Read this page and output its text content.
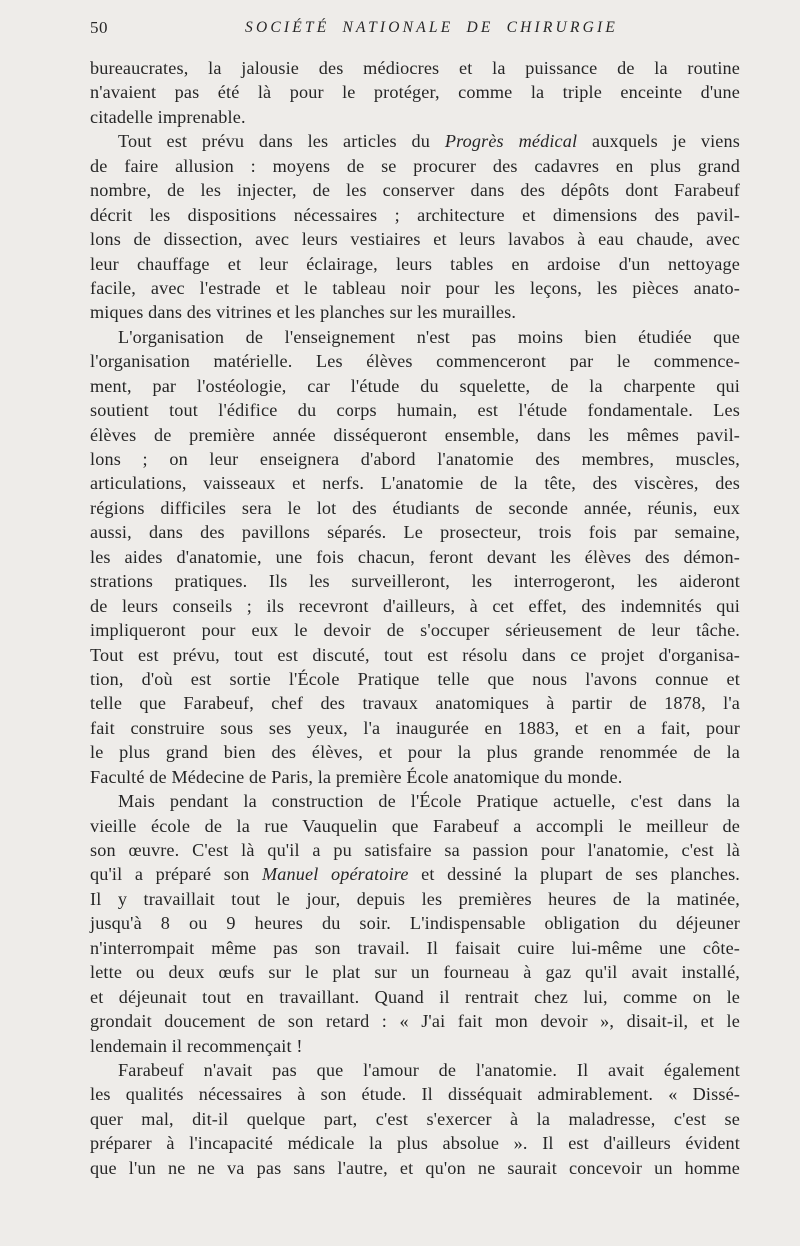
50	SOCIÉTÉ NATIONALE DE CHIRURGIE
bureaucrates, la jalousie des médiocres et la puissance de la routine
n'avaient pas été là pour le protéger, comme la triple enceinte d'une
citadelle imprenable.
Tout est prévu dans les articles du Progrès médical auxquels je viens
de faire allusion : moyens de se procurer des cadavres en plus grand
nombre, de les injecter, de les conserver dans des dépôts dont Farabeuf
décrit les dispositions nécessaires ; architecture et dimensions des pavil-
lons de dissection, avec leurs vestiaires et leurs lavabos à eau chaude, avec
leur chauffage et leur éclairage, leurs tables en ardoise d'un nettoyage
facile, avec l'estrade et le tableau noir pour les leçons, les pièces anato-
miques dans des vitrines et les planches sur les murailles.
L'organisation de l'enseignement n'est pas moins bien étudiée que
l'organisation matérielle. Les élèves commenceront par le commence-
ment, par l'ostéologie, car l'étude du squelette, de la charpente qui
soutient tout l'édifice du corps humain, est l'étude fondamentale. Les
élèves de première année disséqueront ensemble, dans les mêmes pavil-
lons ; on leur enseignera d'abord l'anatomie des membres, muscles,
articulations, vaisseaux et nerfs. L'anatomie de la tête, des viscères, des
régions difficiles sera le lot des étudiants de seconde année, réunis, eux
aussi, dans des pavillons séparés. Le prosecteur, trois fois par semaine,
les aides d'anatomie, une fois chacun, feront devant les élèves des démon-
strations pratiques. Ils les surveilleront, les interrogeront, les aideront
de leurs conseils ; ils recevront d'ailleurs, à cet effet, des indemnités qui
impliqueront pour eux le devoir de s'occuper sérieusement de leur tâche.
Tout est prévu, tout est discuté, tout est résolu dans ce projet d'organisa-
tion, d'où est sortie l'École Pratique telle que nous l'avons connue et
telle que Farabeuf, chef des travaux anatomiques à partir de 1878, l'a
fait construire sous ses yeux, l'a inaugurée en 1883, et en a fait, pour
le plus grand bien des élèves, et pour la plus grande renommée de la
Faculté de Médecine de Paris, la première École anatomique du monde.
Mais pendant la construction de l'École Pratique actuelle, c'est dans la
vieille école de la rue Vauquelin que Farabeuf a accompli le meilleur de
son œuvre. C'est là qu'il a pu satisfaire sa passion pour l'anatomie, c'est là
qu'il a préparé son Manuel opératoire et dessiné la plupart de ses planches.
Il y travaillait tout le jour, depuis les premières heures de la matinée,
jusqu'à 8 ou 9 heures du soir. L'indispensable obligation du déjeuner
n'interrompait même pas son travail. Il faisait cuire lui-même une côte-
lette ou deux œufs sur le plat sur un fourneau à gaz qu'il avait installé,
et déjeunait tout en travaillant. Quand il rentrait chez lui, comme on le
grondait doucement de son retard : « J'ai fait mon devoir », disait-il, et le
lendemain il recommençait !
Farabeuf n'avait pas que l'amour de l'anatomie. Il avait également
les qualités nécessaires à son étude. Il disséquait admirablement. « Dissé-
quer mal, dit-il quelque part, c'est s'exercer à la maladresse, c'est se
préparer à l'incapacité médicale la plus absolue ». Il est d'ailleurs évident
que l'un ne ne va pas sans l'autre, et qu'on ne saurait concevoir un homme
